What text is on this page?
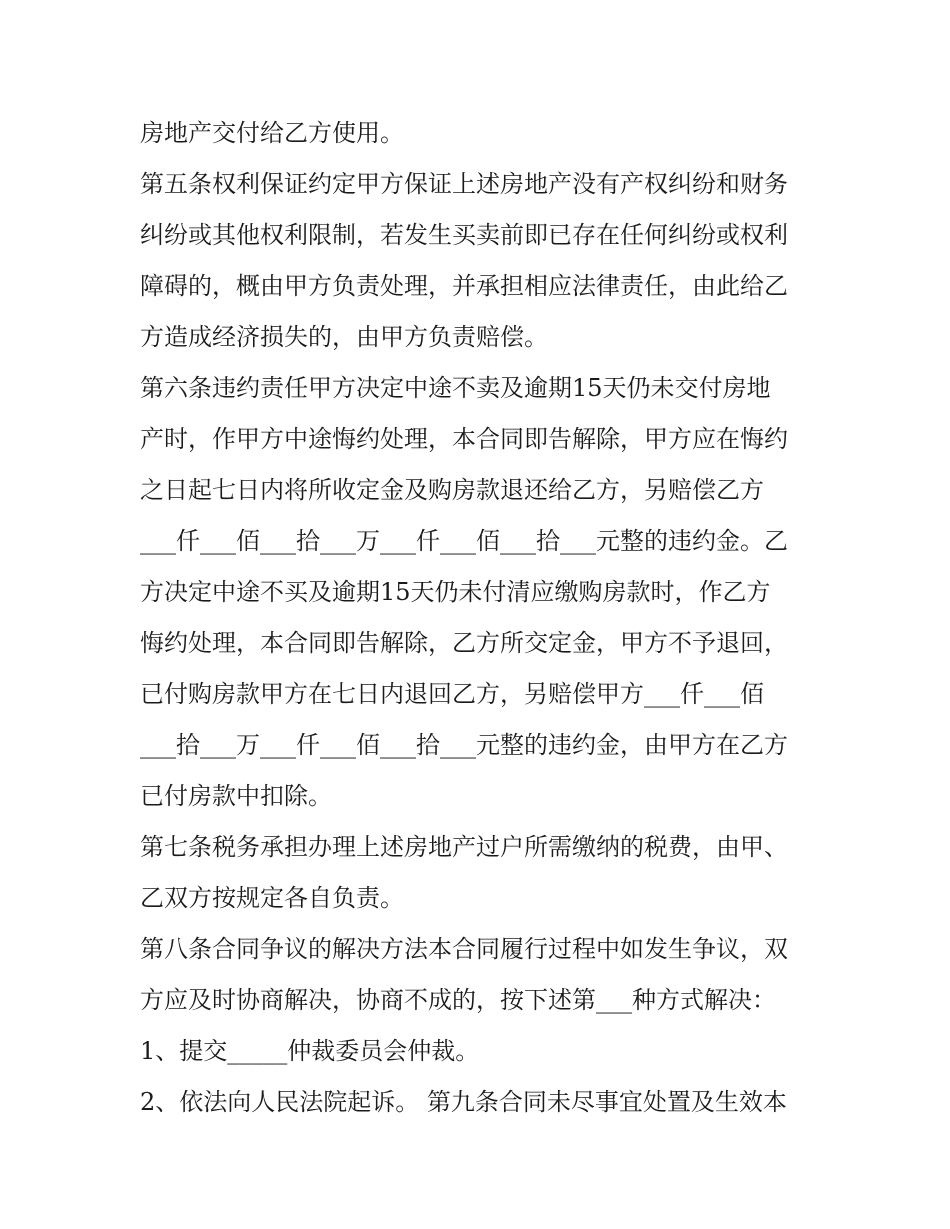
房地产交付给乙方使用。
第五条权利保证约定甲方保证上述房地产没有产权纠纷和财务
纠纷或其他权利限制，若发生买卖前即已存在任何纠纷或权利
障碍的，概由甲方负责处理，并承担相应法律责任，由此给乙
方造成经济损失的，由甲方负责赔偿。
第六条违约责任甲方决定中途不卖及逾期15天仍未交付房地
产时，作甲方中途悔约处理，本合同即告解除，甲方应在悔约
之日起七日内将所收定金及购房款退还给乙方，另赔偿乙方
___仟___佰___拾___万___仟___佰___拾___元整的违约金。乙
方决定中途不买及逾期15天仍未付清应缴购房款时，作乙方
悔约处理，本合同即告解除，乙方所交定金，甲方不予退回，
已付购房款甲方在七日内退回乙方，另赔偿甲方___仟___佰
___拾___万___仟___佰___拾___元整的违约金，由甲方在乙方
已付房款中扣除。
第七条税务承担办理上述房地产过户所需缴纳的税费，由甲、
乙双方按规定各自负责。
第八条合同争议的解决方法本合同履行过程中如发生争议，双
方应及时协商解决，协商不成的，按下述第___种方式解决：
1、提交_____仲裁委员会仲裁。
2、依法向人民法院起诉。 第九条合同未尽事宜处置及生效本
